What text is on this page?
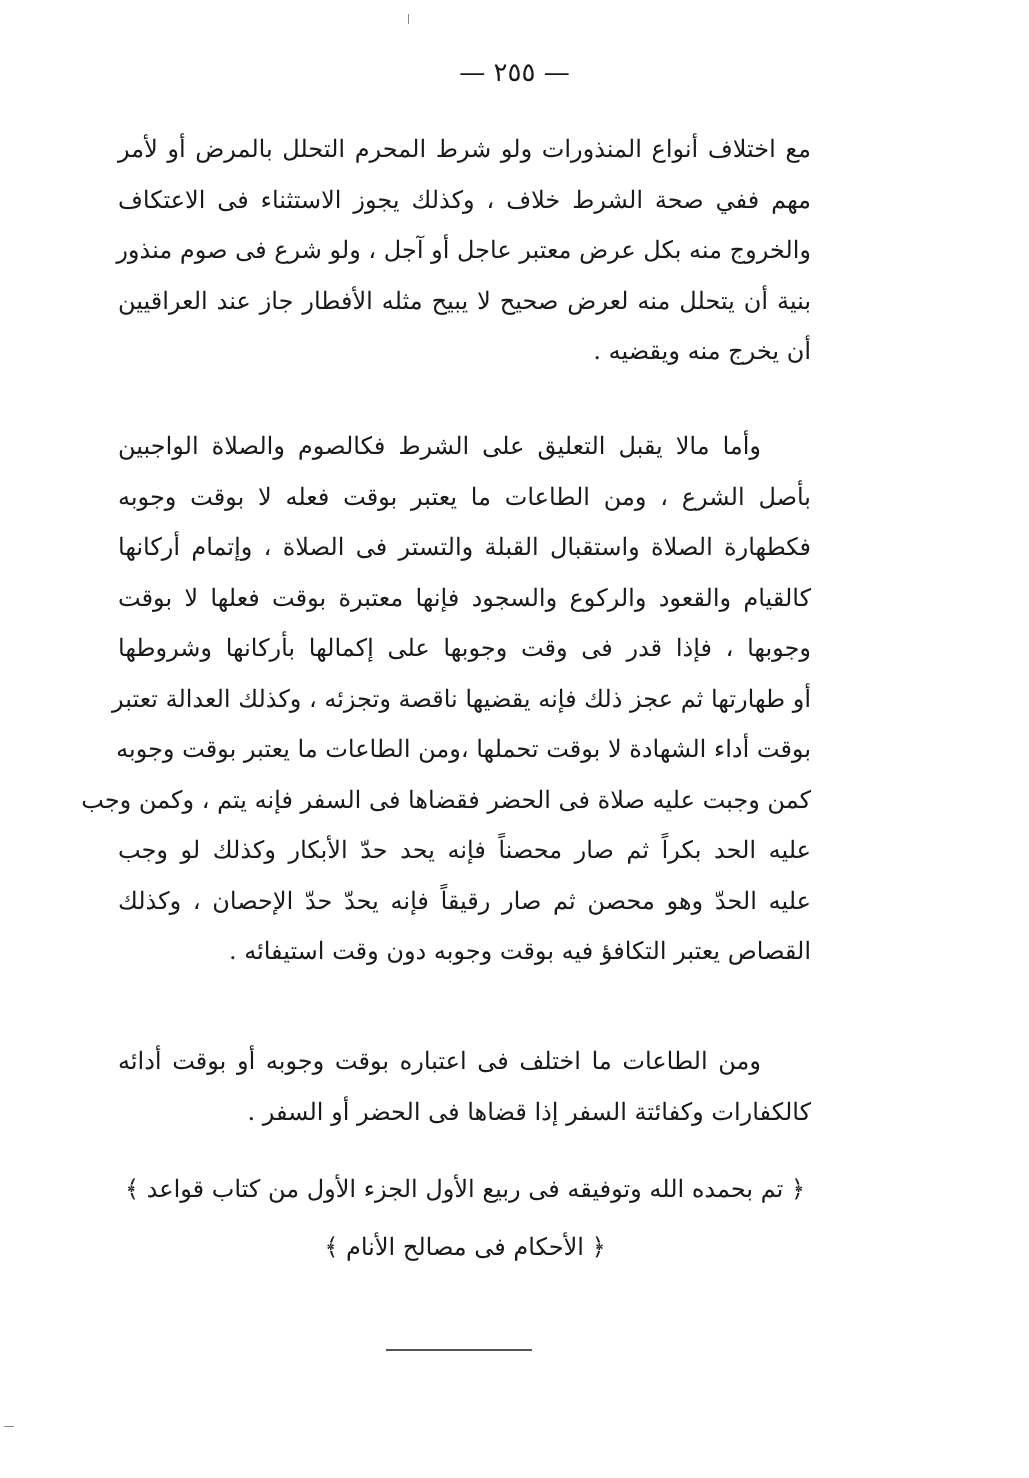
— ٢٥٥ —
مع اختلاف أنواع المنذورات ولو شرط المحرم التحلل بالمرض أو لأمر
مهم ففي صحة الشرط خلاف ، وكذلك يجوز الاستثناء فى الاعتكاف
والخروج منه بكل عرض معتبر عاجل أو آجل ، ولو شرع فى صوم منذور
بنية أن يتحلل منه لعرض صحيح لا يبيح مثله الأفطار جاز عند العراقيين
أن يخرج منه ويقضيه .
وأما مالا يقبل التعليق على الشرط فكالصوم والصلاة الواجبين
بأصل الشرع ، ومن الطاعات ما يعتبر بوقت فعله لا بوقت وجوبه
فكطهارة الصلاة واستقبال القبلة والتستر فى الصلاة ، وإتمام أركانها
كالقيام والقعود والركوع والسجود فإنها معتبرة بوقت فعلها لا بوقت
وجوبها ، فإذا قدر فى وقت وجوبها على إكمالها بأركانها وشروطها
أو طهارتها ثم عجز ذلك فإنه يقضيها ناقصة وتجزئه ، وكذلك العدالة تعتبر
بوقت أداء الشهادة لا بوقت تحملها ،ومن الطاعات ما يعتبر بوقت وجوبه
كمن وجبت عليه صلاة فى الحضر فقضاها فى السفر فإنه يتم ، وكمن وجب
عليه الحد بكراً ثم صار محصناً فإنه يحد حدّ الأبكار وكذلك لو وجب
عليه الحدّ وهو محصن ثم صار رقيقاً فإنه يحدّ حدّ الإحصان ، وكذلك
القصاص يعتبر التكافؤ فيه بوقت وجوبه دون وقت استيفائه .
ومن الطاعات ما اختلف فى اعتباره بوقت وجوبه أو بوقت أدائه
كالكفارات وكفائتة السفر إذا قضاها فى الحضر أو السفر .
﴿ تم بحمده الله وتوفيقه فى ربيع الأول الجزء الأول من كتاب قواعد ﴾
﴿ الأحكام فى مصالح الأنام ﴾
